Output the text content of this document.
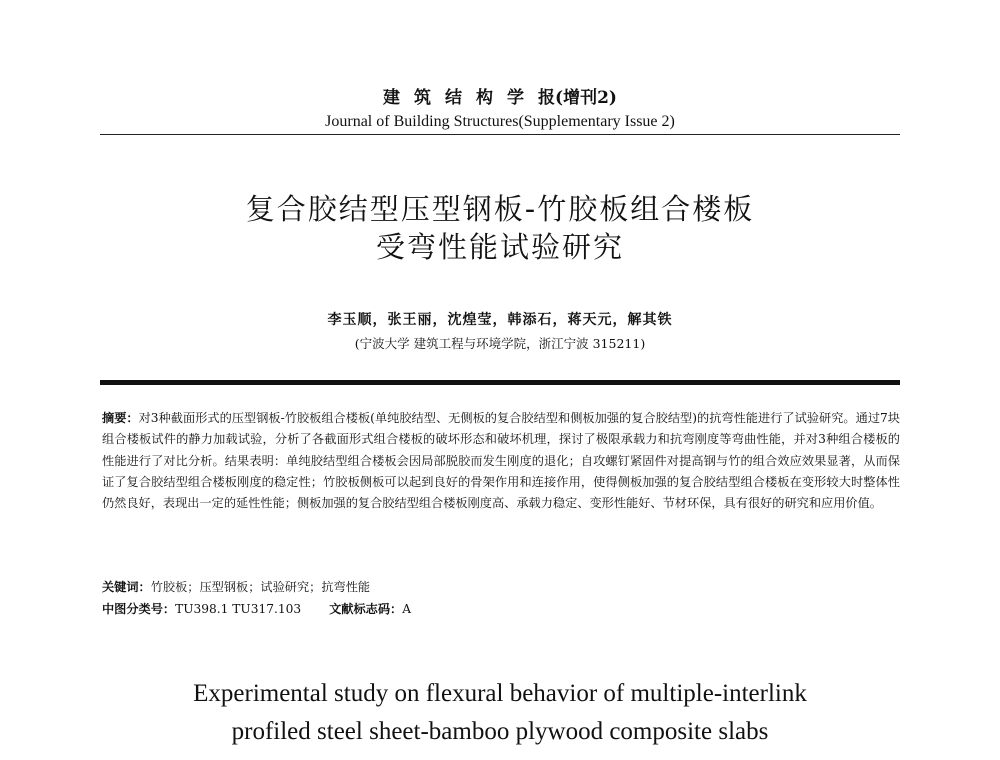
建筑结构学报(增刊2)
Journal of Building Structures(Supplementary Issue 2)
复合胶结型压型钢板-竹胶板组合楼板
受弯性能试验研究
李玉顺，张王丽，沈煌莹，韩添石，蒋天元，解其铁
(宁波大学 建筑工程与环境学院，浙江宁波 315211)
摘要：对3种截面形式的压型钢板-竹胶板组合楼板(单纯胶结型、无侧板的复合胶结型和侧板加强的复合胶结型)的抗弯性能进行了试验研究。通过7块组合楼板试件的静力加载试验，分析了各截面形式组合楼板的破坏形态和破坏机理，探讨了极限承载力和抗弯刚度等弯曲性能，并对3种组合楼板的性能进行了对比分析。结果表明：单纯胶结型组合楼板会因局部脱胶而发生刚度的退化；自攻螺钉紧固件对提高钢与竹的组合效应效果显著，从而保证了复合胶结型组合楼板刚度的稳定性；竹胶板侧板可以起到良好的骨架作用和连接作用，使得侧板加强的复合胶结型组合楼板在变形较大时整体性仍然良好，表现出一定的延性性能；侧板加强的复合胶结型组合楼板刚度高、承载力稳定、变形性能好、节材环保，具有很好的研究和应用价值。
关键词：竹胶板；压型钢板；试验研究；抗弯性能
中图分类号：TU398.1 TU317.103 文献标志码：A
Experimental study on flexural behavior of multiple-interlink
profiled steel sheet-bamboo plywood composite slabs
